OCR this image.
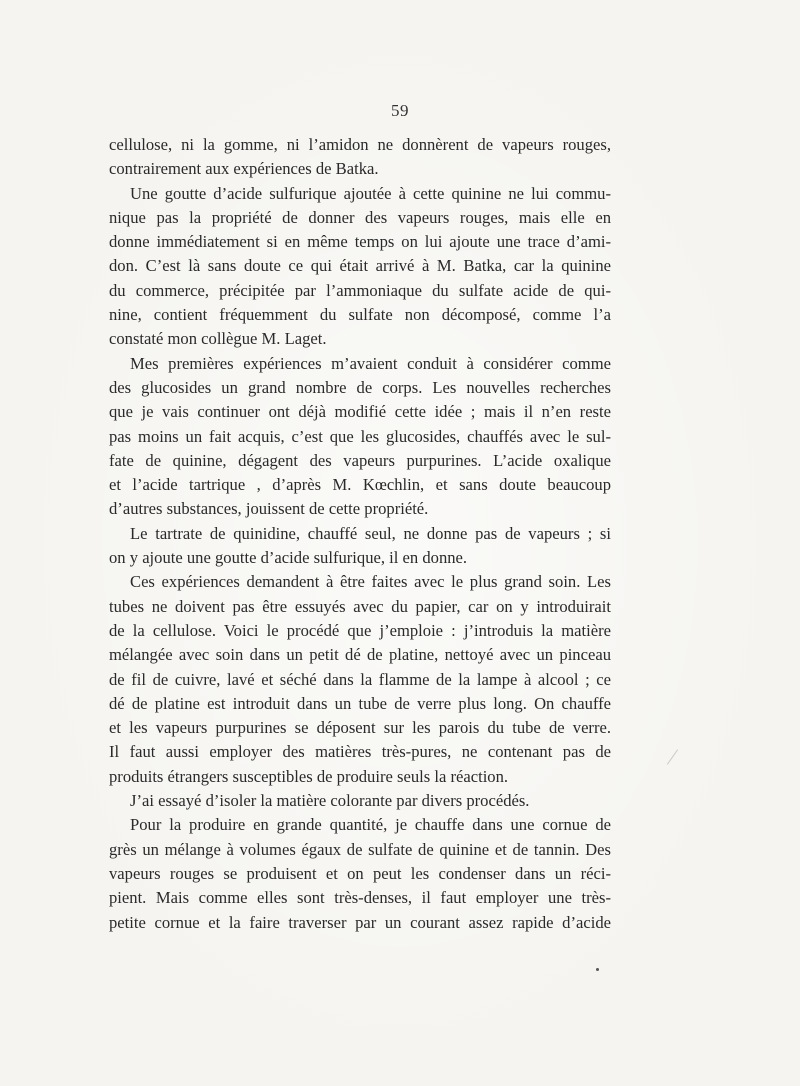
59
cellulose, ni la gomme, ni l’amidon ne donnèrent de vapeurs rouges,
contrairement aux expériences de Batka.
Une goutte d’acide sulfurique ajoutée à cette quinine ne lui commu-
nique pas la propriété de donner des vapeurs rouges, mais elle en
donne immédiatement si en même temps on lui ajoute une trace d’ami-
don. C’est là sans doute ce qui était arrivé à M. Batka, car la quinine
du commerce, précipitée par l’ammoniaque du sulfate acide de qui-
nine, contient fréquemment du sulfate non décomposé, comme l’a
constaté mon collègue M. Laget.
Mes premières expériences m’avaient conduit à considérer comme
des glucosides un grand nombre de corps. Les nouvelles recherches
que je vais continuer ont déjà modifié cette idée ; mais il n’en reste
pas moins un fait acquis, c’est que les glucosides, chauffés avec le sul-
fate de quinine, dégagent des vapeurs purpurines. L’acide oxalique
et l’acide tartrique , d’après M. Kœchlin, et sans doute beaucoup
d’autres substances, jouissent de cette propriété.
Le tartrate de quinidine, chauffé seul, ne donne pas de vapeurs ; si
on y ajoute une goutte d’acide sulfurique, il en donne.
Ces expériences demandent à être faites avec le plus grand soin. Les
tubes ne doivent pas être essuyés avec du papier, car on y introduirait
de la cellulose. Voici le procédé que j’emploie : j’introduis la matière
mélangée avec soin dans un petit dé de platine, nettoyé avec un pinceau
de fil de cuivre, lavé et séché dans la flamme de la lampe à alcool ; ce
dé de platine est introduit dans un tube de verre plus long. On chauffe
et les vapeurs purpurines se déposent sur les parois du tube de verre.
Il faut aussi employer des matières très-pures, ne contenant pas de
produits étrangers susceptibles de produire seuls la réaction.
J’ai essayé d’isoler la matière colorante par divers procédés.
Pour la produire en grande quantité, je chauffe dans une cornue de
grès un mélange à volumes égaux de sulfate de quinine et de tannin. Des
vapeurs rouges se produisent et on peut les condenser dans un réci-
pient. Mais comme elles sont très-denses, il faut employer une très-
petite cornue et la faire traverser par un courant assez rapide d’acide
